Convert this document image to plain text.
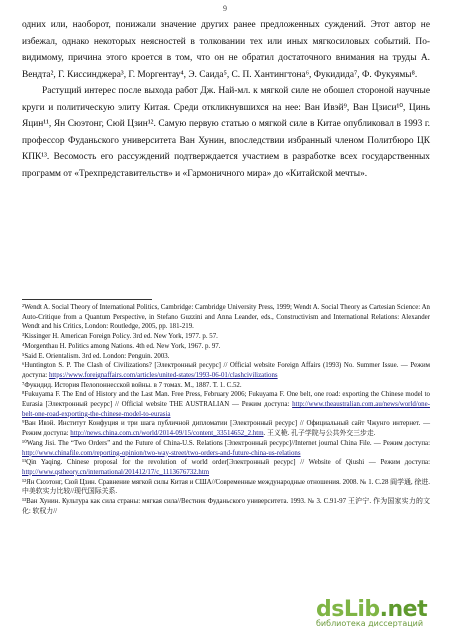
9

одних или, наоборот, понижали значение других ранее предложенных суждений. Этот автор не избежал, однако некоторых неясностей в толковании тех или иных мягкосиловых событий. По-видимому, причина этого кроется в том, что он не обратил достаточного внимания на труды А. Вендта², Г. Киссинджера³, Г. Моргентау⁴, Э. Саида⁵, С. П. Хантингтона⁶, Фукидида⁷, Ф. Фукуямы⁸.

Растущий интерес после выхода работ Дж. Най-мл. к мягкой силе не обошел стороной научные круги и политическую элиту Китая. Среди откликнувшихся на нее: Ван Ивэй⁹, Ван Цзиси¹⁰, Цинь Яцин¹¹, Ян Сюэтонг, Сюй Цзин¹². Самую первую статью о мягкой силе в Китае опубликовал в 1993 г. профессор Фуданьского университета Ван Хунин, впоследствии избранный членом Политбюро ЦК КПК¹³. Весомость его рассуждений подтверждается участием в разработке всех государственных программ от «Трехпредставительств» и «Гармоничного мира» до «Китайской мечты».

²Wendt A. Social Theory of International Politics, Cambridge: Cambridge University Press, 1999; Wendt A. Social Theory as Cartesian Science: An Auto-Critique from a Quantum Perspective, in Stefano Guzzini and Anna Leander, eds., Constructivism and International Relations: Alexander Wendt and his Critics, London: Routledge, 2005, pp. 181-219.

³Kissinger H. American Foreign Policy. 3rd ed. New York, 1977. p. 57.

⁴Morgenthau H. Politics among Nations. 4th ed. New York, 1967. p. 97.

⁵Said E. Orientalism. 3rd ed. London: Penguin. 2003.

⁶Huntington S. P. The Clash of Civilizations? [Электронный ресурс] // Official website Foreign Affairs (1993) No. Summer Issue. — Режим доступа: https://www.foreignaffairs.com/articles/united-states/1993-06-01/clashcivilizations

⁷Фукидид. История Пелопоннесской войны. в 7 томах. М., 1887. Т. 1. С.52.

⁸Fukuyama F. The End of History and the Last Man. Free Press, February 2006; Fukuyama F. One belt, one road: exporting the Chinese model to Eurasia [Электронный ресурс] // Official website THE AUSTRALIAN — Режим доступа: http://www.theaustralian.com.au/news/world/one-belt-one-road-exporting-the-chinese-model-to-eurasia

⁹Ван Ивэй. Институт Конфуция и три шага публичной дипломатии [Электронный ресурс] // Официальный сайт Чжунго интернет. — Режим доступа: http://news.china.com.cn/world/2014-09/15/content_33514652_2.htm. 王义桅. 孔子学院与公共外交三步走.

¹⁰Wang Jisi. The “Two Orders” and the Future of China-U.S. Relations [Электронный ресурс]//Internet journal China File. — Режим доступа: http://www.chinafile.com/reporting-opinion/two-way-street/two-orders-and-future-china-us-relations

¹¹Qin Yaqing. Chinese proposal for the revolution of world order[Электронный ресурс] // Website of Qiushi — Режим доступа: http://www.qstheory.cn/international/201412/17/c_1113676732.htm

¹²Ян Сюэтонг, Сюй Цзин. Сравнение мягкой силы Китая и США//Современные международные отношения. 2008. № 1. С.28 阎学通, 徐进. 中美软实力比较//现代国际关系.

¹³Ван Хунин. Культура как сила страны: мягкая сила//Вестник Фуданьского университета. 1993. № 3. С.91-97 王沪宁. 作为国家实力的文化: 软权力//

dsLib.net
библиотека диссертаций
